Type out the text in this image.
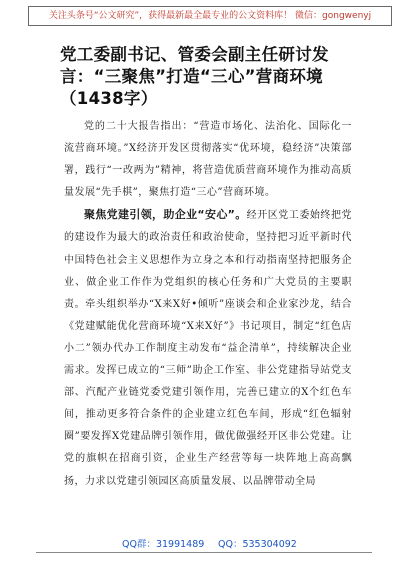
关注头条号“公文研究”，获得最新最全最专业的公文资料库！ 微信：gongwenyj
党工委副书记、管委会副主任研讨发言：“三聚焦”打造“三心”营商环境（1438字）

党的二十大报告指出：“营造市场化、法治化、国际化一流营商环境。”X经济开发区贯彻落实“优环境，稳经济”决策部署，践行“一改两为”精神，将营造优质营商环境作为推动高质量发展“先手棋”，聚焦打造“三心”营商环境。

聚焦党建引领，助企业“安心”。经开区党工委始终把党的建设作为最大的政治责任和政治使命，坚持把习近平新时代中国特色社会主义思想作为立身之本和行动指南坚持把服务企业、做企业工作作为党组织的核心任务和广大党员的主要职责。牵头组织举办“X来X好•倾听”座谈会和企业家沙龙，结合《党建赋能优化营商环境“X来X好”》书记项目，制定“红色店小二”领办代办工作制度主动发布“益企清单”，持续解决企业需求。发挥已成立的“三师”助企工作室、非公党建指导站党支部、汽配产业链党委党建引领作用，完善已建立的X个红色车间，推动更多符合条件的企业建立红色车间，形成“红色辐射圈”要发挥X党建品牌引领作用，做优做强经开区非公党建。让党的旗帜在招商引资，企业生产经营等每一块阵地上高高飘扬，力求以党建引领园区高质量发展、以品牌带动全局

QQ群：31991489 QQ：535304092
